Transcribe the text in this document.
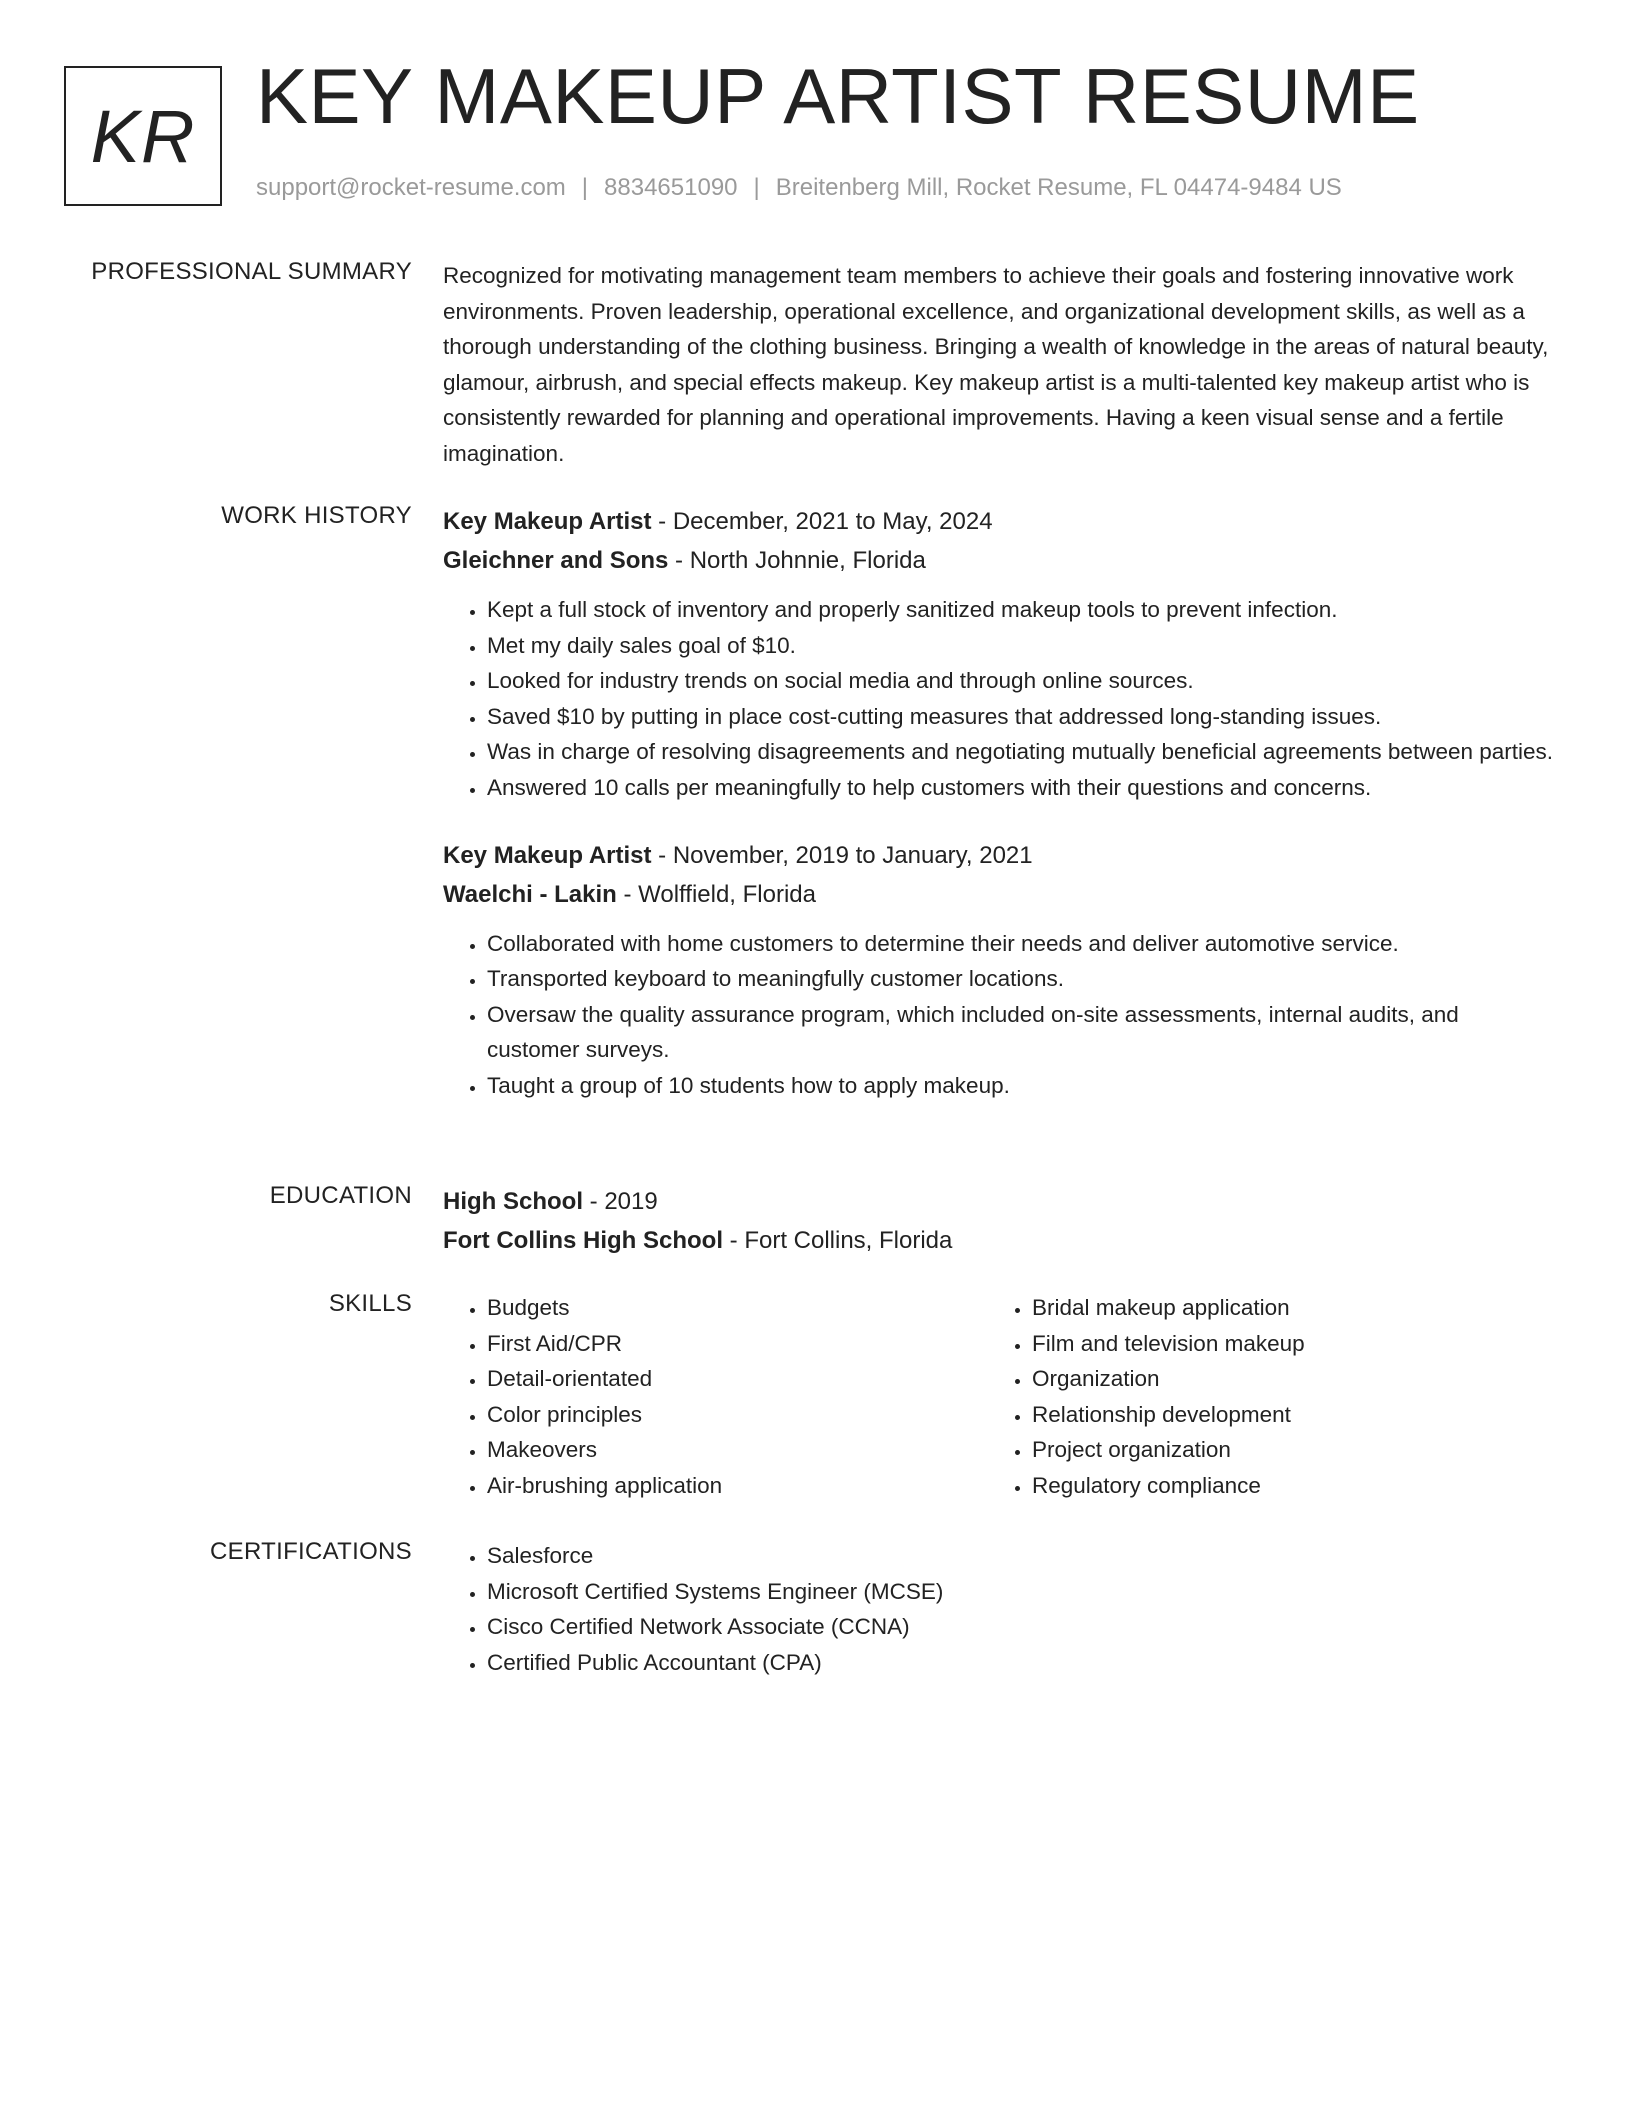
KR KEY MAKEUP ARTIST RESUME
support@rocket-resume.com | 8834651090 | Breitenberg Mill, Rocket Resume, FL 04474-9484 US
PROFESSIONAL SUMMARY Recognized for motivating management team members to achieve their goals and fostering innovative work environments. Proven leadership, operational excellence, and organizational development skills, as well as a thorough understanding of the clothing business. Bringing a wealth of knowledge in the areas of natural beauty, glamour, airbrush, and special effects makeup. Key makeup artist is a multi-talented key makeup artist who is consistently rewarded for planning and operational improvements. Having a keen visual sense and a fertile imagination.

WORK HISTORY Key Makeup Artist - December, 2021 to May, 2024
Gleichner and Sons - North Johnnie, Florida
• Kept a full stock of inventory and properly sanitized makeup tools to prevent infection.
• Met my daily sales goal of $10.
• Looked for industry trends on social media and through online sources.
• Saved $10 by putting in place cost-cutting measures that addressed long-standing issues.
• Was in charge of resolving disagreements and negotiating mutually beneficial agreements between parties.
• Answered 10 calls per meaningfully to help customers with their questions and concerns.
Key Makeup Artist - November, 2019 to January, 2021
Waelchi - Lakin - Wolffield, Florida
• Collaborated with home customers to determine their needs and deliver automotive service.
• Transported keyboard to meaningfully customer locations.
• Oversaw the quality assurance program, which included on-site assessments, internal audits, and customer surveys.
• Taught a group of 10 students how to apply makeup.
EDUCATION High School - 2019
Fort Collins High School - Fort Collins, Florida
SKILLS	• Budgets
• First Aid/CPR
• Detail-orientated
• Color principles
• Makeovers
• Air-brushing application
• Bridal makeup application
• Film and television makeup
• Organization
• Relationship development
• Project organization
• Regulatory compliance
CERTIFICATIONS	• Salesforce
• Microsoft Certified Systems Engineer (MCSE)
• Cisco Certified Network Associate (CCNA)
• Certified Public Accountant (CPA)
